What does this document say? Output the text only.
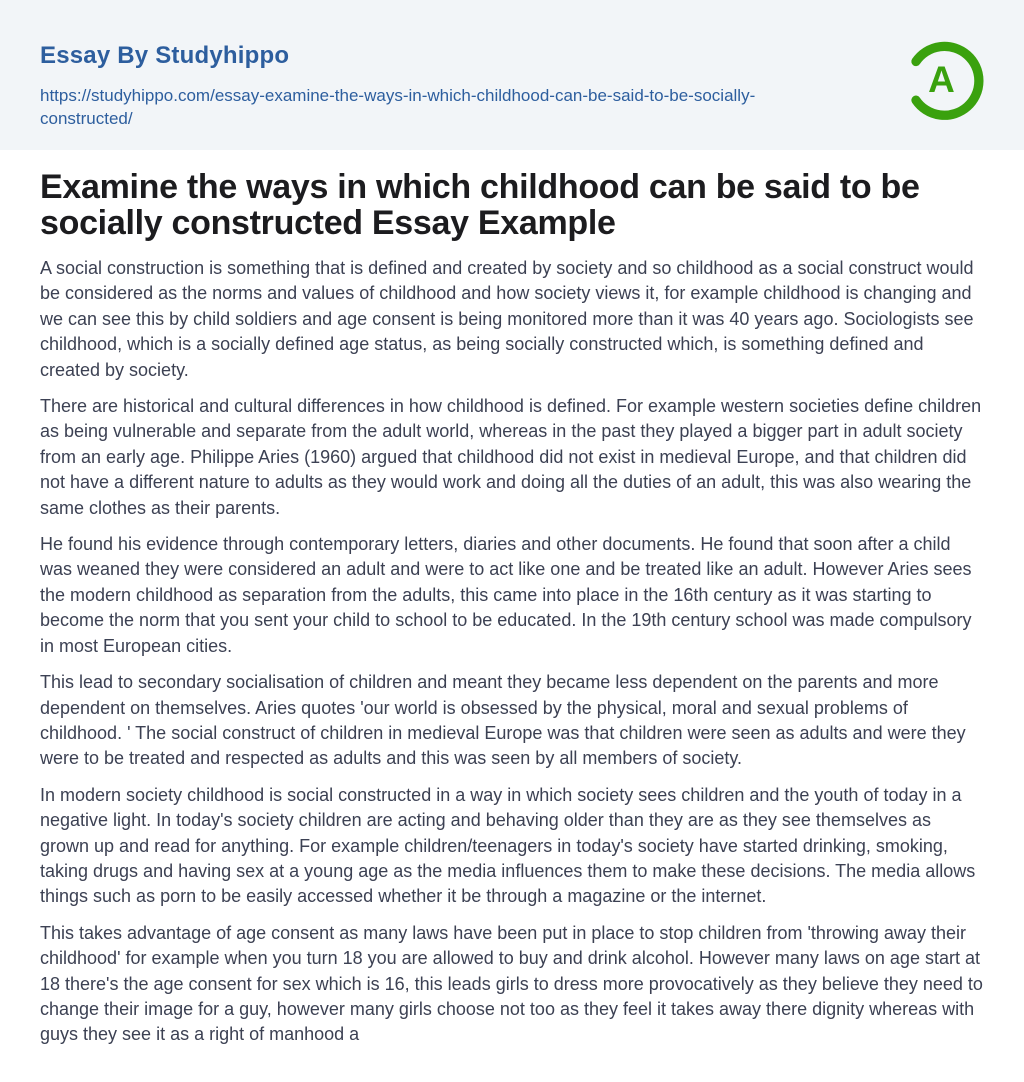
Essay By Studyhippo
https://studyhippo.com/essay-examine-the-ways-in-which-childhood-can-be-said-to-be-socially-constructed/
A
Examine the ways in which childhood can be said to be socially constructed Essay Example

A social construction is something that is defined and created by society and so childhood as a social construct would be considered as the norms and values of childhood and how society views it, for example childhood is changing and we can see this by child soldiers and age consent is being monitored more than it was 40 years ago. Sociologists see childhood, which is a socially defined age status, as being socially constructed which, is something defined and created by society.

There are historical and cultural differences in how childhood is defined. For example western societies define children as being vulnerable and separate from the adult world, whereas in the past they played a bigger part in adult society from an early age. Philippe Aries (1960) argued that childhood did not exist in medieval Europe, and that children did not have a different nature to adults as they would work and doing all the duties of an adult, this was also wearing the same clothes as their parents.

He found his evidence through contemporary letters, diaries and other documents. He found that soon after a child was weaned they were considered an adult and were to act like one and be treated like an adult. However Aries sees the modern childhood as separation from the adults, this came into place in the 16th century as it was starting to become the norm that you sent your child to school to be educated. In the 19th century school was made compulsory in most European cities.

This lead to secondary socialisation of children and meant they became less dependent on the parents and more dependent on themselves. Aries quotes 'our world is obsessed by the physical, moral and sexual problems of childhood. ' The social construct of children in medieval Europe was that children were seen as adults and were they were to be treated and respected as adults and this was seen by all members of society.

In modern society childhood is social constructed in a way in which society sees children and the youth of today in a negative light. In today's society children are acting and behaving older than they are as they see themselves as grown up and read for anything. For example children/teenagers in today's society have started drinking, smoking, taking drugs and having sex at a young age as the media influences them to make these decisions. The media allows things such as porn to be easily accessed whether it be through a magazine or the internet.

This takes advantage of age consent as many laws have been put in place to stop children from 'throwing away their childhood' for example when you turn 18 you are allowed to buy and drink alcohol. However many laws on age start at 18 there's the age consent for sex which is 16, this leads girls to dress more provocatively as they believe they need to change their image for a guy, however many girls choose not too as they feel it takes away there dignity whereas with guys they see it as a right of manhood a
